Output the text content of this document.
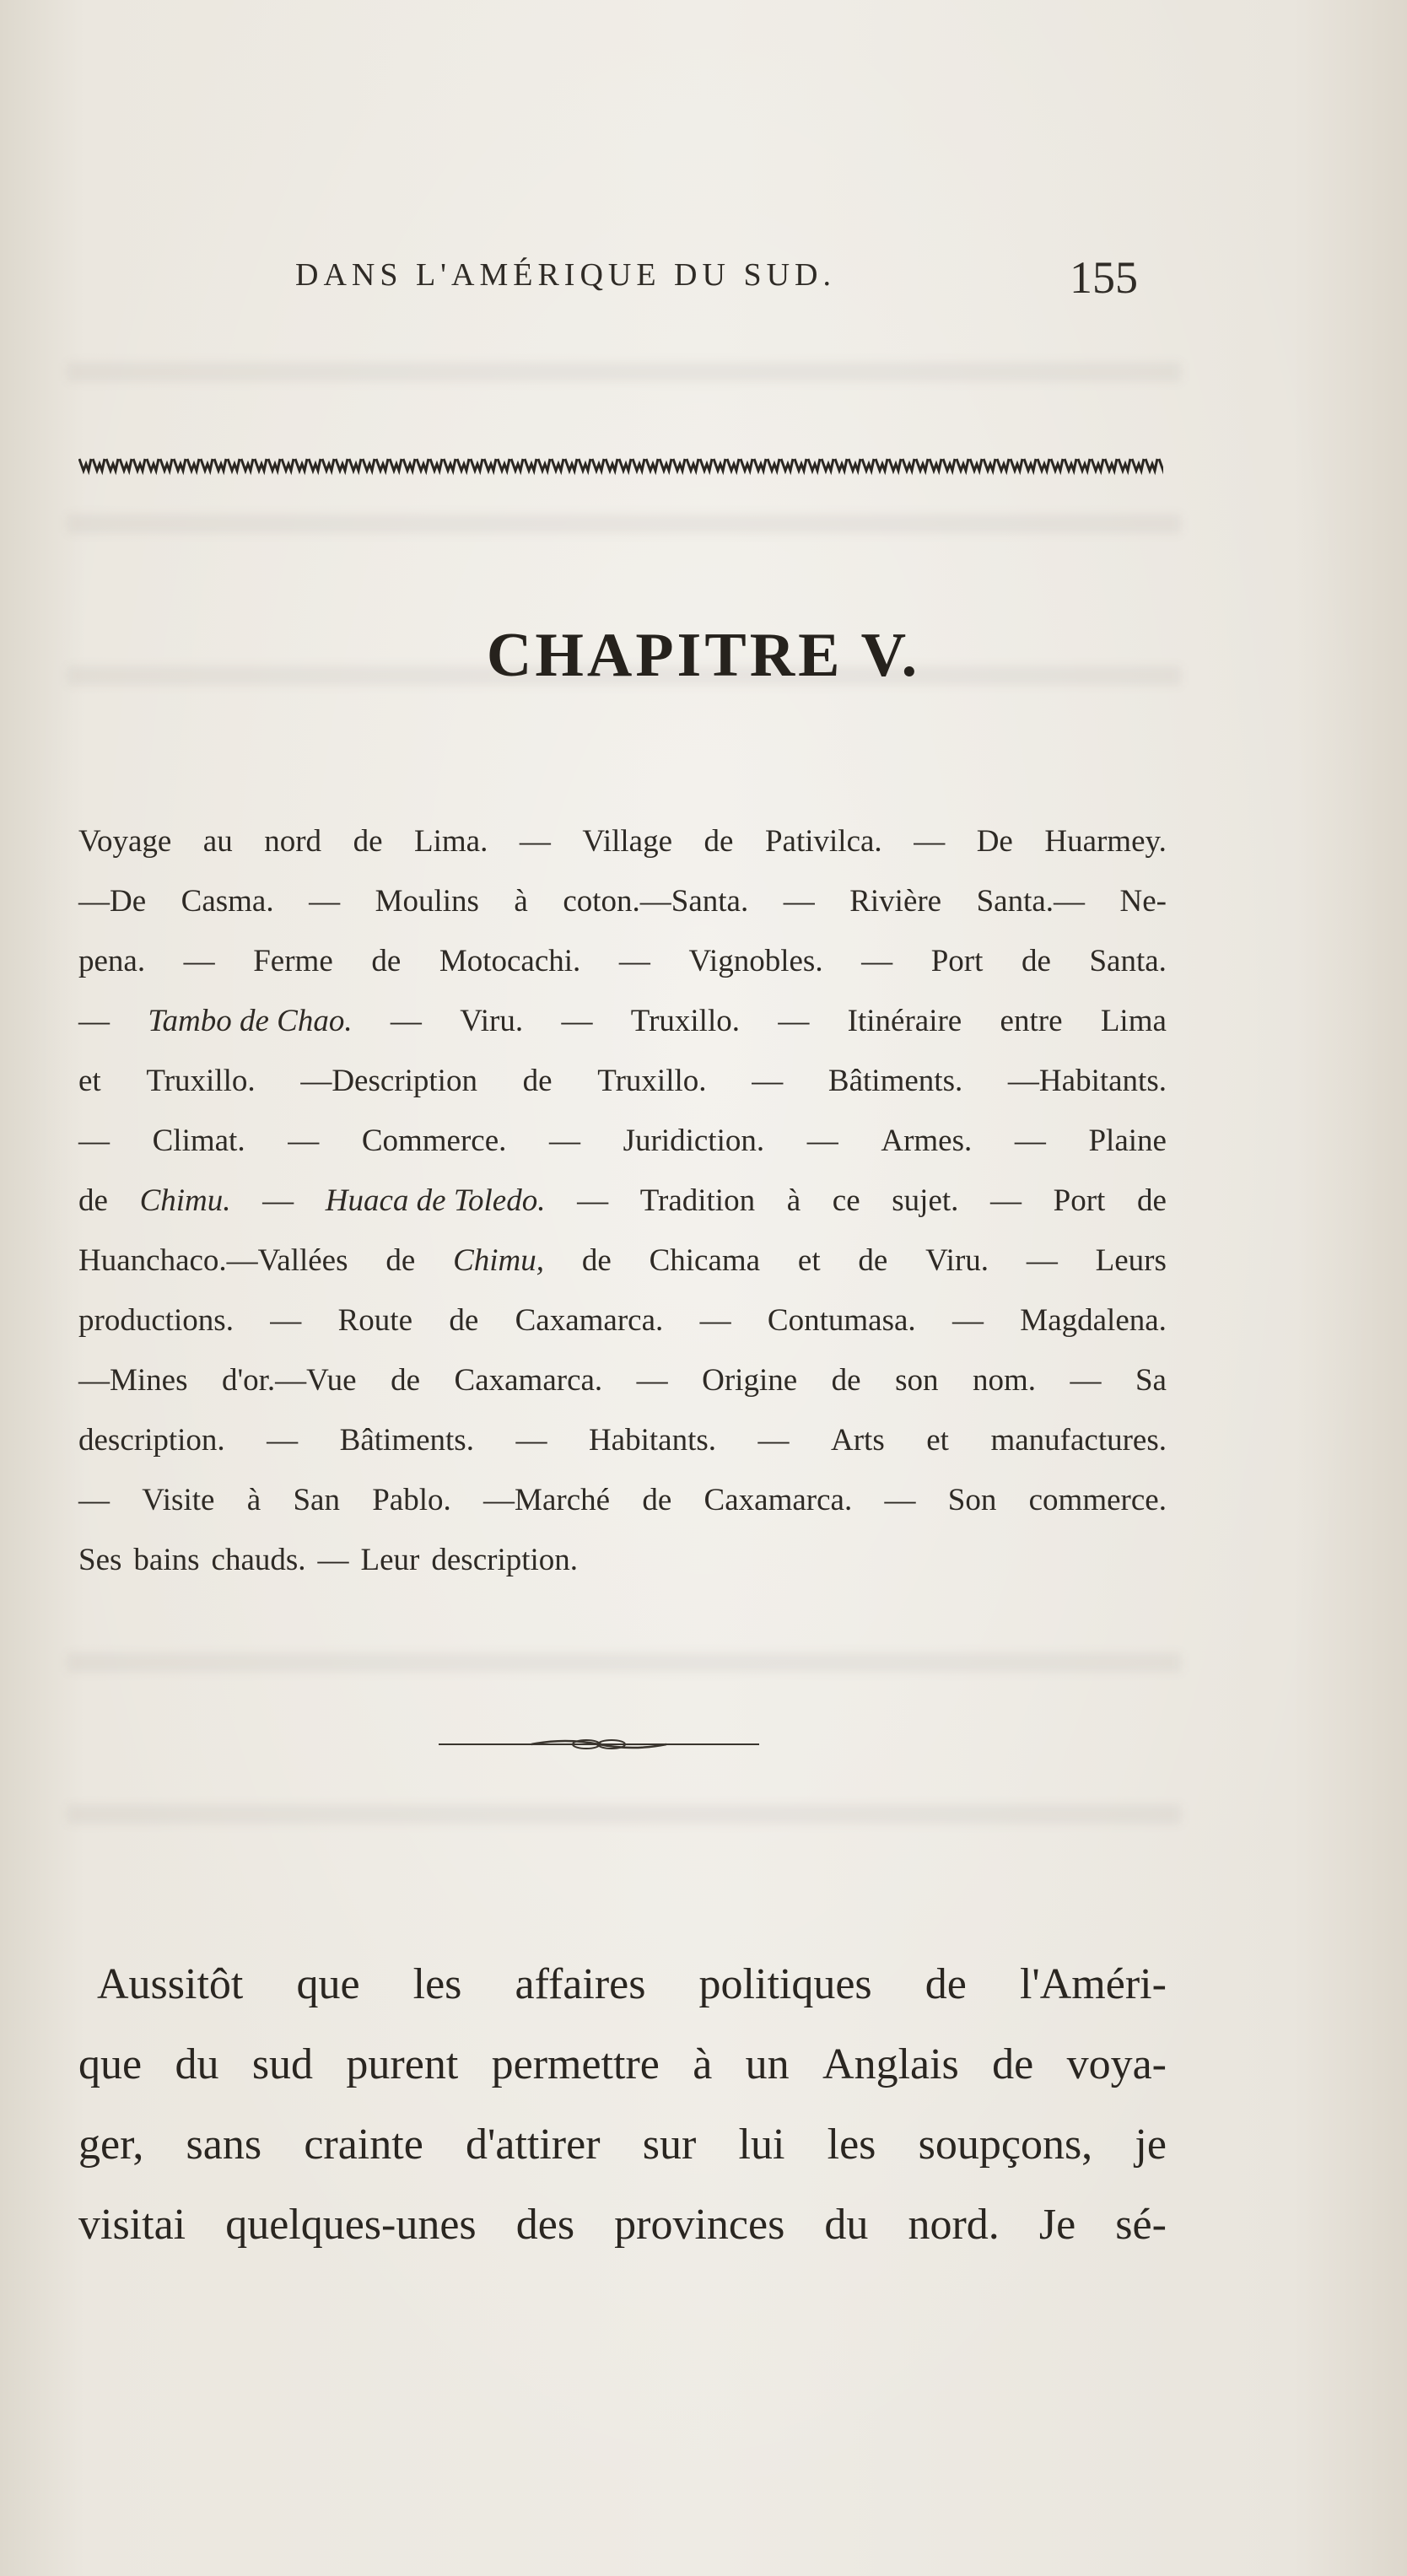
DANS L'AMÉRIQUE DU SUD.	155
CHAPITRE V.
Voyage au nord de Lima. — Village de Pativilca. — De Huarmey.
—De Casma. — Moulins à coton.—Santa. — Rivière Santa.— Ne-
pena. — Ferme de Motocachi. — Vignobles. — Port de Santa.
— Tambo de Chao. — Viru. — Truxillo. — Itinéraire entre Lima
et Truxillo. —Description de Truxillo. — Bâtiments. —Habitants.
— Climat. — Commerce. — Juridiction. — Armes. — Plaine
de Chimu. — Huaca de Toledo. — Tradition à ce sujet. — Port de
Huanchaco.—Vallées de Chimu, de Chicama et de Viru. — Leurs
productions. — Route de Caxamarca. — Contumasa. — Magdalena.
—Mines d'or.—Vue de Caxamarca. — Origine de son nom. — Sa
description. — Bâtiments. — Habitants. — Arts et manufactures.
— Visite à San Pablo. —Marché de Caxamarca. — Son commerce.
Ses bains chauds. — Leur description.
Aussitôt que les affaires politiques de l'Améri-
que du sud purent permettre à un Anglais de voya-
ger, sans crainte d'attirer sur lui les soupçons, je
visitai quelques-unes des provinces du nord. Je sé-
